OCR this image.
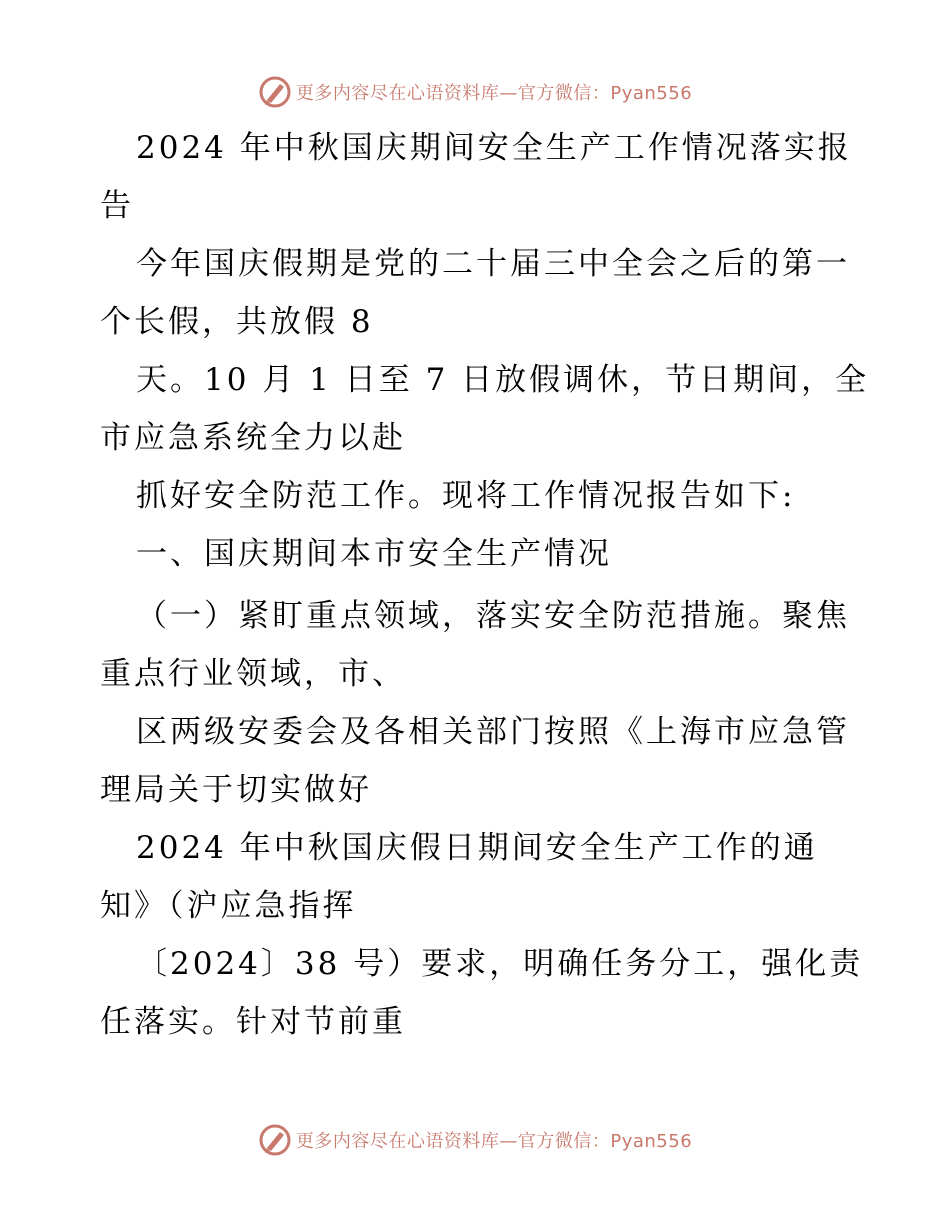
更多内容尽在心语资料库—官方微信：Pyan556
2024 年中秋国庆期间安全生产工作情况落实报
告
今年国庆假期是党的二十届三中全会之后的第一
个长假，共放假 8
天。10 月 1 日至 7 日放假调休，节日期间，全
市应急系统全力以赴
抓好安全防范工作。现将工作情况报告如下:
一、国庆期间本市安全生产情况
（一）紧盯重点领域，落实安全防范措施。聚焦
重点行业领域，市、
区两级安委会及各相关部门按照《上海市应急管
理局关于切实做好
2024 年中秋国庆假日期间安全生产工作的通
知》（沪应急指挥
〔2024〕38 号）要求，明确任务分工，强化责
任落实。针对节前重
更多内容尽在心语资料库—官方微信：Pyan556
